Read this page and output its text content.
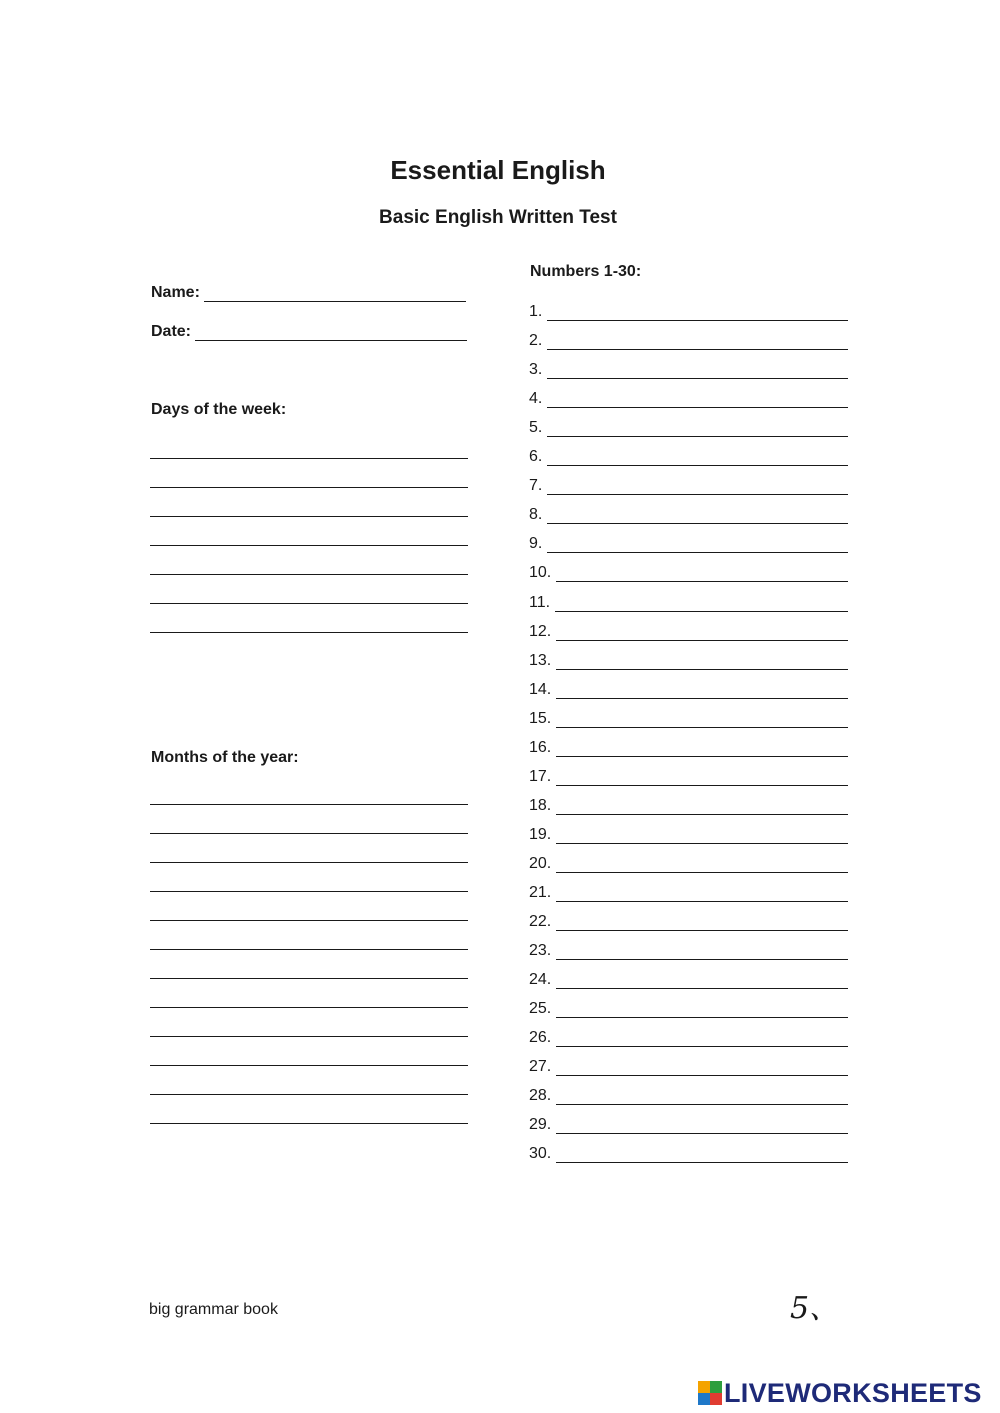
Essential English
Basic English Written Test
Name:
Date:
Days of the week:
Months of the year:
Numbers 1-30:
1.
2.
3.
4.
5.
6.
7.
8.
9.
10.
11.
12.
13.
14.
15.
16.
17.
18.
19.
20.
21.
22.
23.
24.
25.
26.
27.
28.
29.
30.
big grammar book	5、
LIVEWORKSHEETS
